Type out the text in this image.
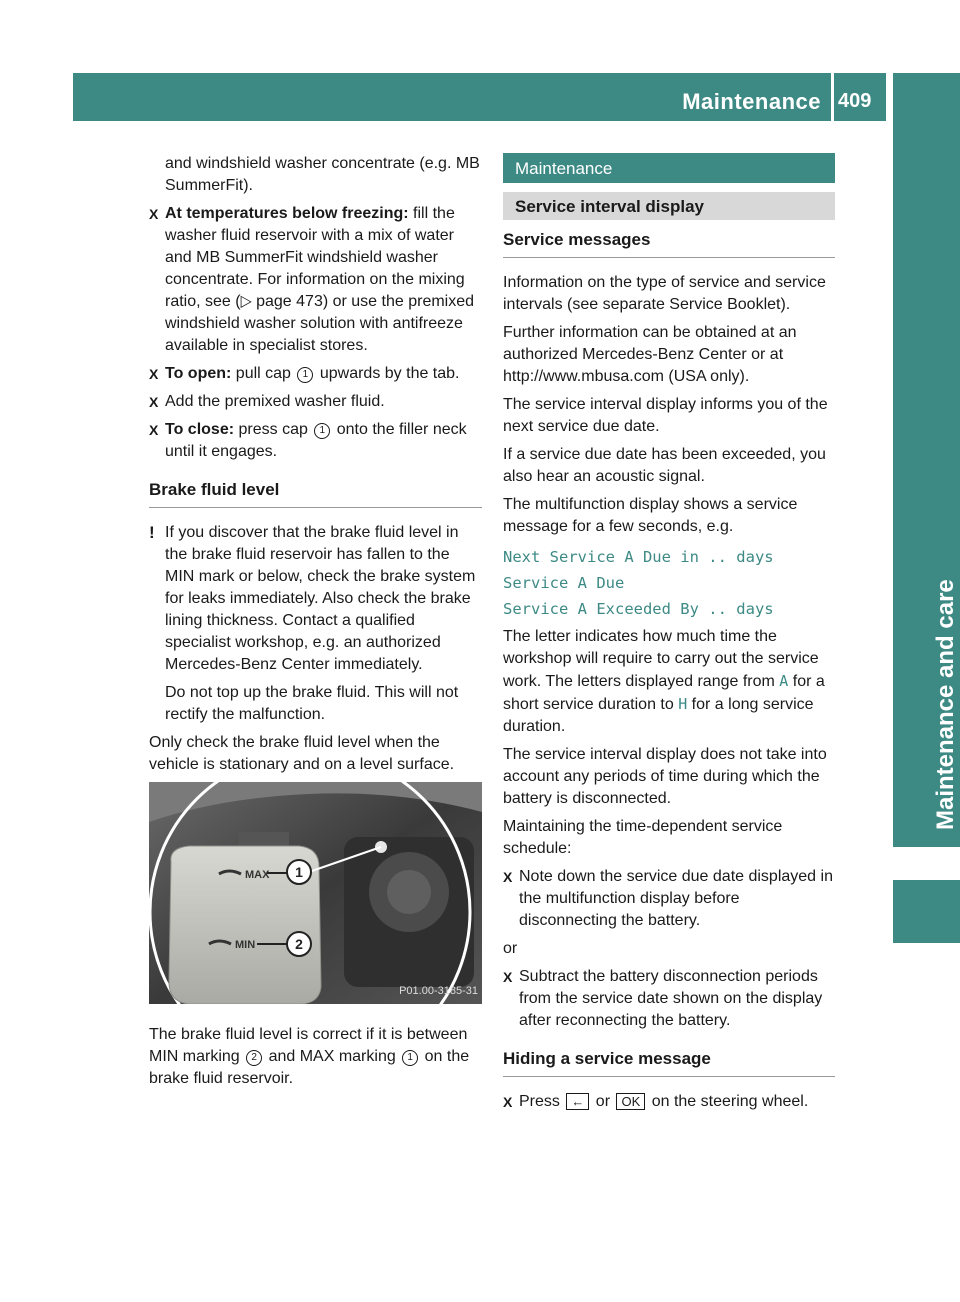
Maintenance 409
Maintenance and care

and windshield washer concentrate (e.g. MB SummerFit).

X At temperatures below freezing: fill the washer fluid reservoir with a mix of water and MB SummerFit windshield washer concentrate. For information on the mixing ratio, see (▷ page 473) or use the premixed windshield washer solution with antifreeze available in specialist stores.
X To open: pull cap 1 upwards by the tab.
X Add the premixed washer fluid.
X To close: press cap 1 onto the filler neck until it engages.
Brake fluid level
! If you discover that the brake fluid level in the brake fluid reservoir has fallen to the MIN mark or below, check the brake system for leaks immediately. Also check the brake lining thickness. Contact a qualified specialist workshop, e.g. an authorized Mercedes-Benz Center immediately.

Do not top up the brake fluid. This will not rectify the malfunction.

Only check the brake fluid level when the vehicle is stationary and on a level surface.

MAX
MIN
1
2
P01.00-3185-31

The brake fluid level is correct if it is between MIN marking 2 and MAX marking 1 on the brake fluid reservoir.

Maintenance
Service interval display
Service messages

Information on the type of service and service intervals (see separate Service Booklet).

Further information can be obtained at an authorized Mercedes-Benz Center or at http://www.mbusa.com (USA only).

The service interval display informs you of the next service due date.

If a service due date has been exceeded, you also hear an acoustic signal.

The multifunction display shows a service message for a few seconds, e.g.

Next Service A Due in .. days

Service A Due

Service A Exceeded By .. days

The letter indicates how much time the workshop will require to carry out the service work. The letters displayed range from A for a short service duration to H for a long service duration.

The service interval display does not take into account any periods of time during which the battery is disconnected.

Maintaining the time-dependent service schedule:

X Note down the service due date displayed in the multifunction display before disconnecting the battery.

or

X Subtract the battery disconnection periods from the service date shown on the display after reconnecting the battery.
Hiding a service message
X Press ← or OK on the steering wheel.
